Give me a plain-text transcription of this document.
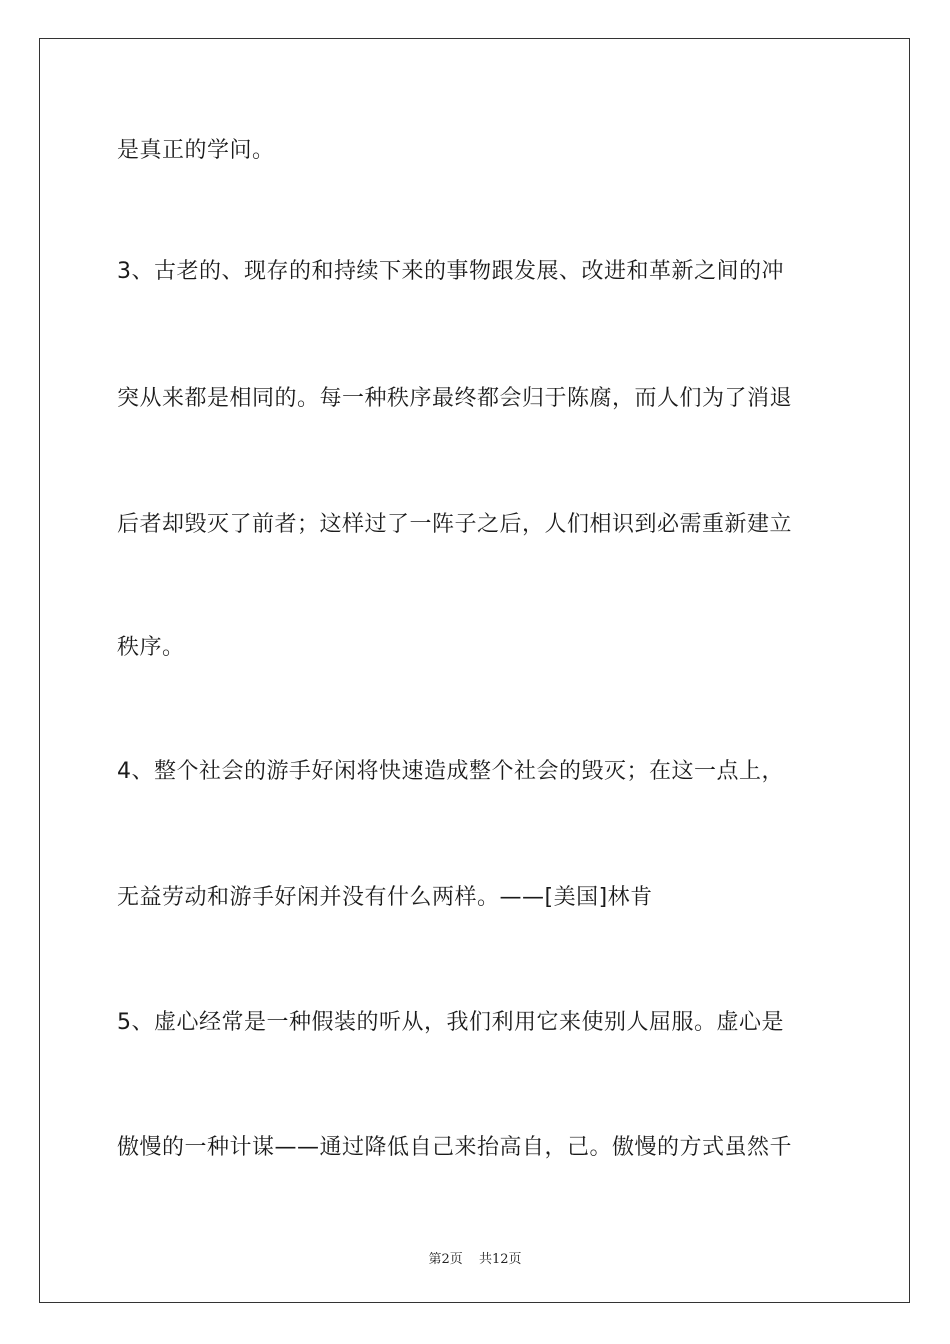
是真正的学问。
3、古老的、现存的和持续下来的事物跟发展、改进和革新之间的冲
突从来都是相同的。每一种秩序最终都会归于陈腐，而人们为了消退
后者却毁灭了前者；这样过了一阵子之后，人们相识到必需重新建立
秩序。
4、整个社会的游手好闲将快速造成整个社会的毁灭；在这一点上，
无益劳动和游手好闲并没有什么两样。——[美国]林肯
5、虚心经常是一种假装的听从，我们利用它来使别人屈服。虚心是
傲慢的一种计谋——通过降低自己来抬高自，己。傲慢的方式虽然千
第2页 共12页
